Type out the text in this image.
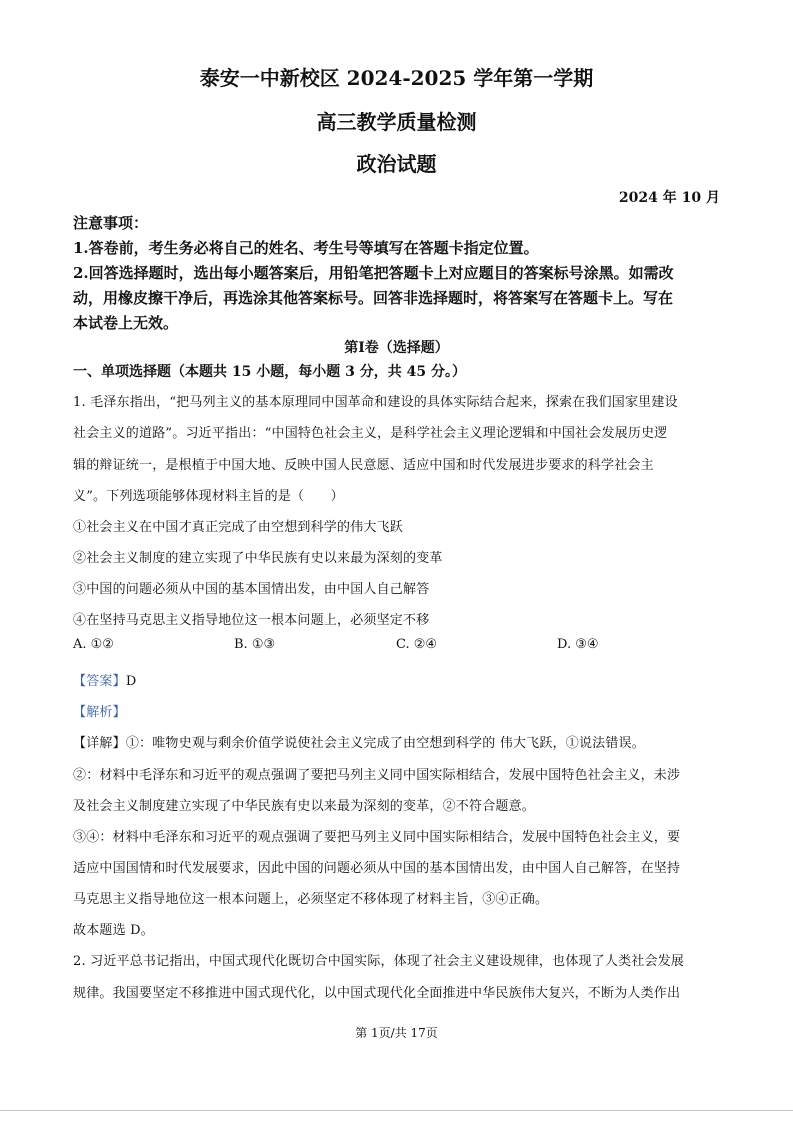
泰安一中新校区 2024-2025 学年第一学期
高三教学质量检测
政治试题
2024 年 10 月
注意事项：
1.答卷前，考生务必将自己的姓名、考生号等填写在答题卡指定位置。
2.回答选择题时，选出每小题答案后，用铅笔把答题卡上对应题目的答案标号涂黑。如需改
动，用橡皮擦干净后，再选涂其他答案标号。回答非选择题时，将答案写在答题卡上。写在
本试卷上无效。
第Ⅰ卷（选择题）
一、单项选择题（本题共 15 小题，每小题 3 分，共 45 分。）
1. 毛泽东指出，“把马列主义的基本原理同中国革命和建设的具体实际结合起来，探索在我们国家里建设
社会主义的道路”。习近平指出：“中国特色社会主义，是科学社会主义理论逻辑和中国社会发展历史逻
辑的辩证统一，是根植于中国大地、反映中国人民意愿、适应中国和时代发展进步要求的科学社会主
义”。下列选项能够体现材料主旨的是（　　）
①社会主义在中国才真正完成了由空想到科学的伟大飞跃
②社会主义制度的建立实现了中华民族有史以来最为深刻的变革
③中国的问题必须从中国的基本国情出发，由中国人自己解答
④在坚持马克思主义指导地位这一根本问题上，必须坚定不移
A. ①②	B. ①③	C. ②④	D. ③④
【答案】D
【解析】
【详解】①：唯物史观与剩余价值学说使社会主义完成了由空想到科学的 伟大飞跃，①说法错误。
②：材料中毛泽东和习近平的观点强调了要把马列主义同中国实际相结合，发展中国特色社会主义，未涉
及社会主义制度建立实现了中华民族有史以来最为深刻的变革，②不符合题意。
③④：材料中毛泽东和习近平的观点强调了要把马列主义同中国实际相结合，发展中国特色社会主义，要
适应中国国情和时代发展要求，因此中国的问题必须从中国的基本国情出发，由中国人自己解答，在坚持
马克思主义指导地位这一根本问题上，必须坚定不移体现了材料主旨，③④正确。
故本题选 D。
2. 习近平总书记指出，中国式现代化既切合中国实际，体现了社会主义建设规律，也体现了人类社会发展
规律。我国要坚定不移推进中国式现代化，以中国式现代化全面推进中华民族伟大复兴，不断为人类作出
第 1页/共 17页
